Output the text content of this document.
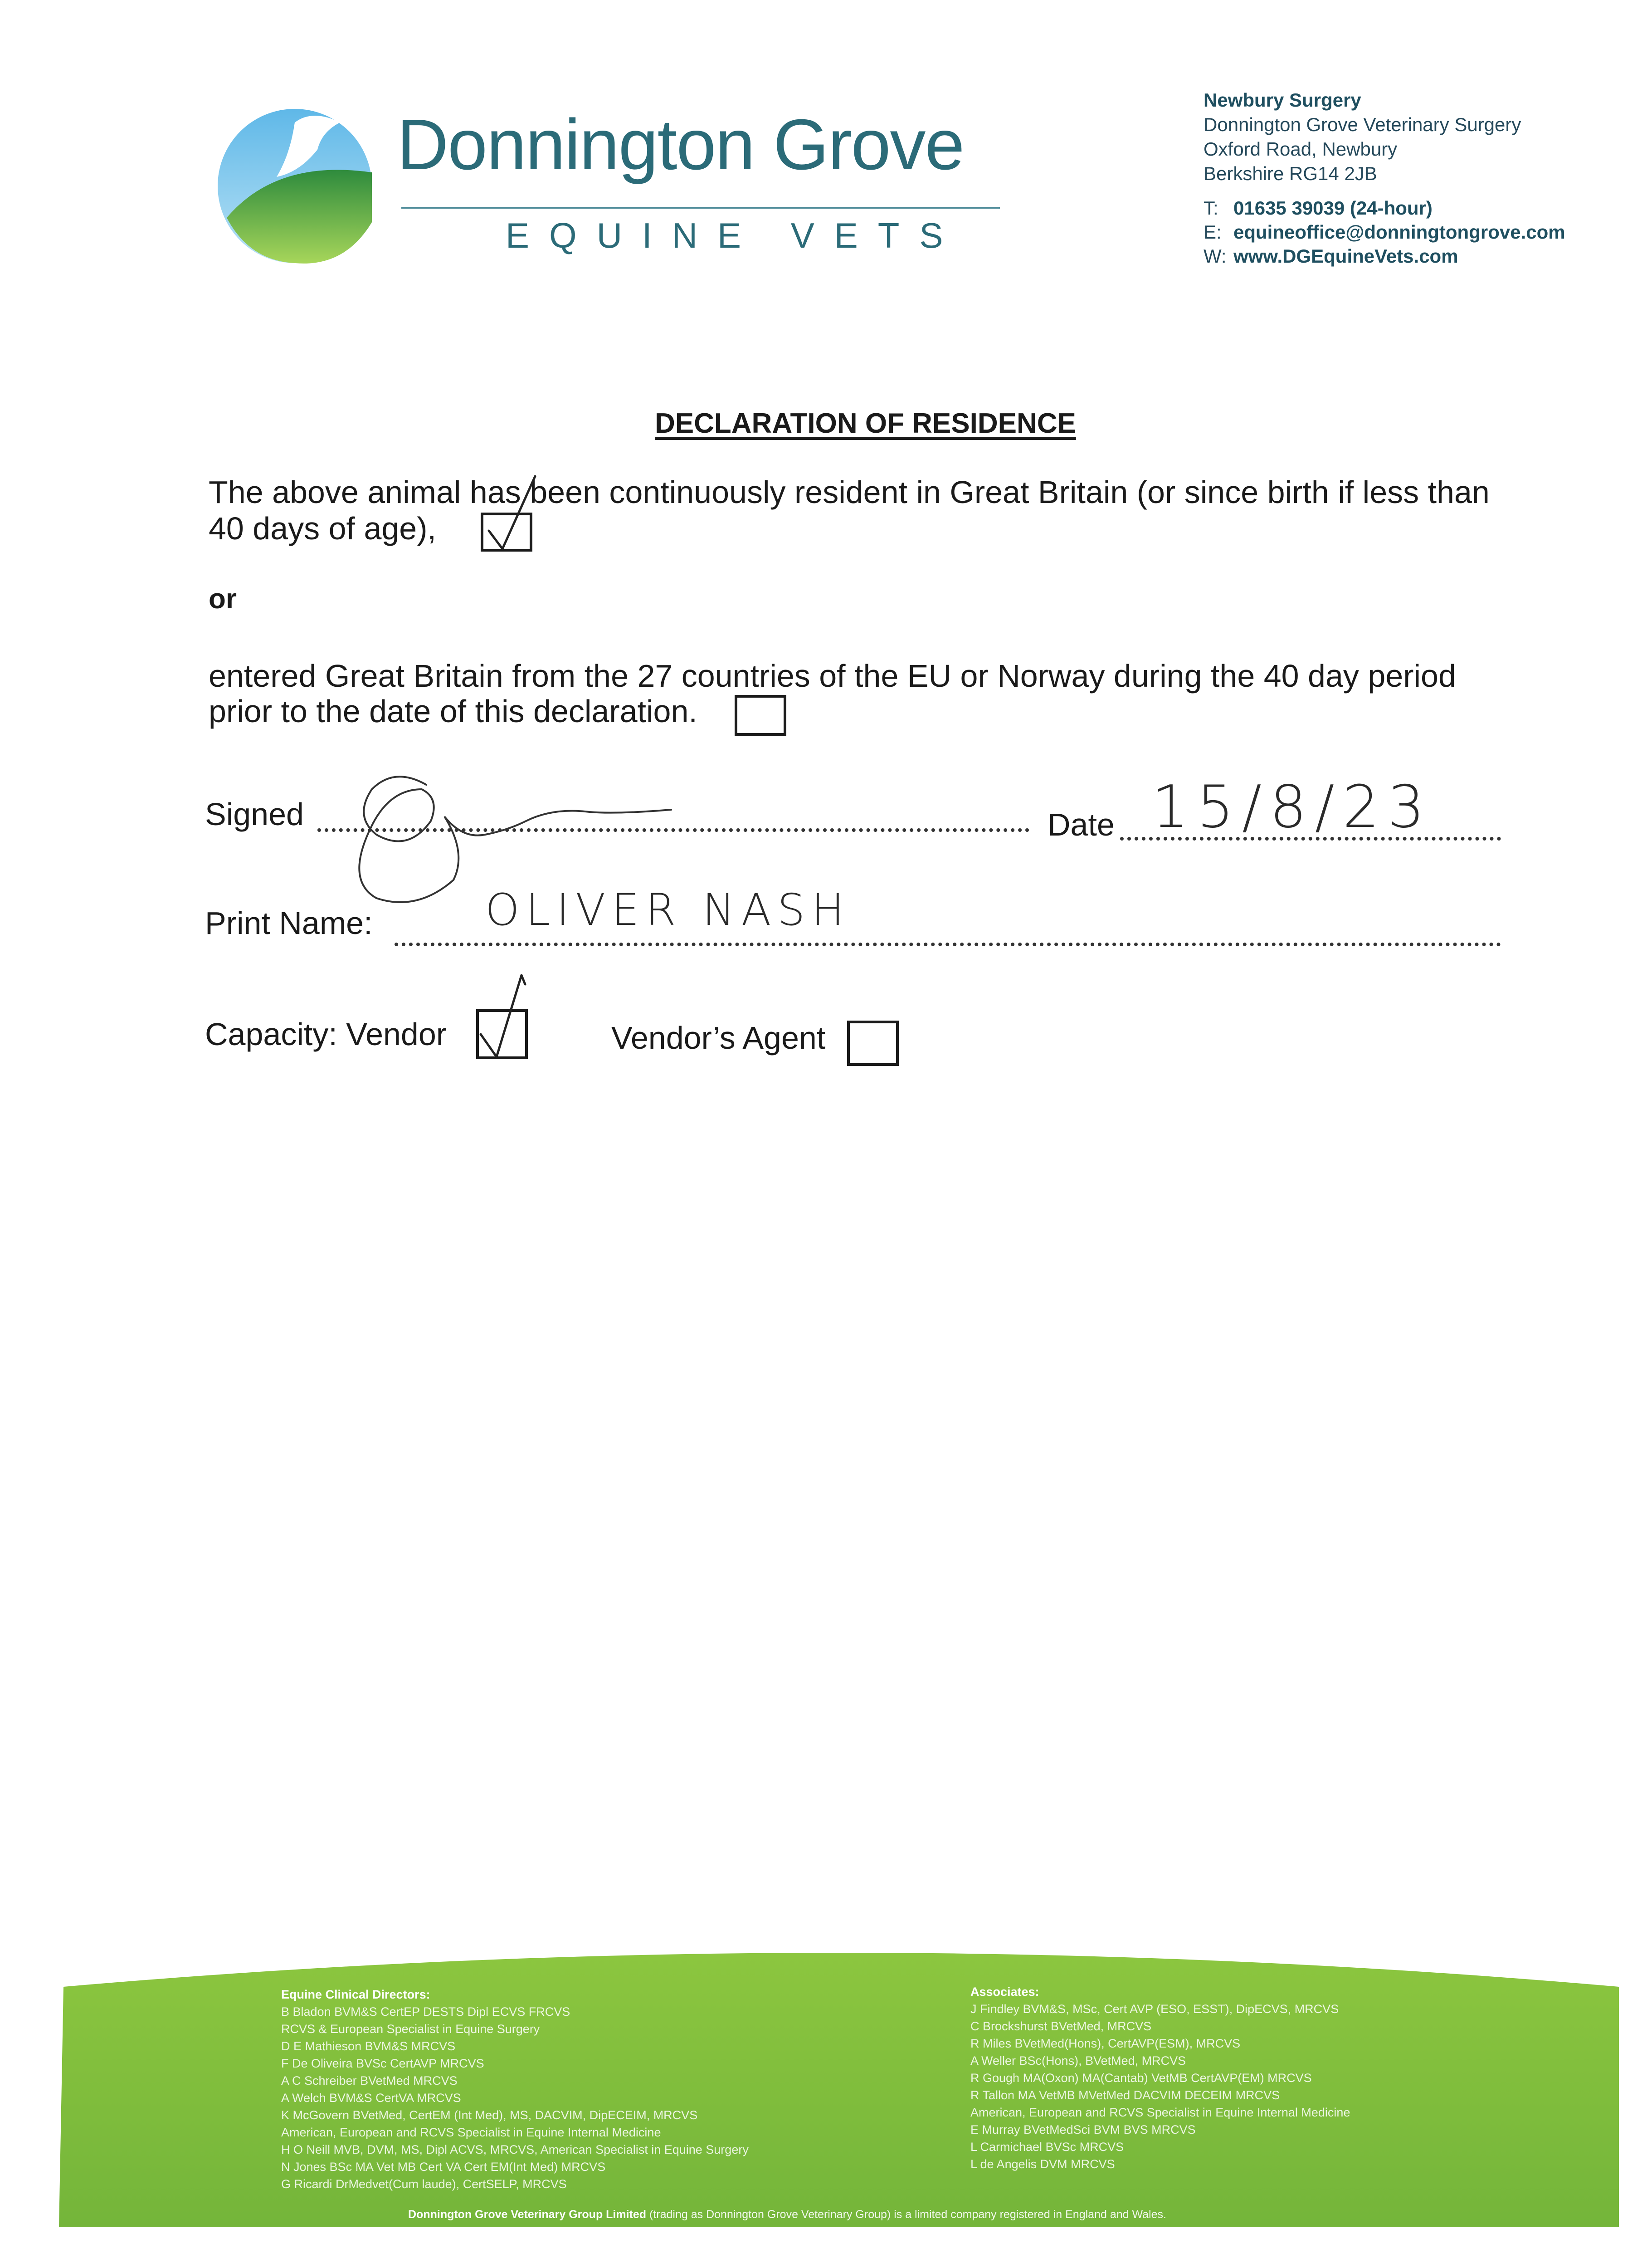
Donnington Grove
EQUINE VETS
Newbury Surgery
Donnington Grove Veterinary Surgery
Oxford Road, Newbury
Berkshire RG14 2JB
T: 01635 39039 (24-hour)
E: equineoffice@donningtongrove.com
W: www.DGEquineVets.com
DECLARATION OF RESIDENCE
The above animal has been continuously resident in Great Britain (or since birth if less than
40 days of age),
or
entered Great Britain from the 27 countries of the EU or Norway during the 40 day period
prior to the date of this declaration.
Signed	Date 15/8/23
Print Name:	OLIVER NASH
Capacity: Vendor	Vendor’s Agent
Equine Clinical Directors:
B Bladon BVM&S CertEP DESTS Dipl ECVS FRCVS
RCVS & European Specialist in Equine Surgery
D E Mathieson BVM&S MRCVS
F De Oliveira BVSc CertAVP MRCVS
A C Schreiber BVetMed MRCVS
A Welch BVM&S CertVA MRCVS
K McGovern BVetMed, CertEM (Int Med), MS, DACVIM, DipECEIM, MRCVS
American, European and RCVS Specialist in Equine Internal Medicine
H O Neill MVB, DVM, MS, Dipl ACVS, MRCVS, American Specialist in Equine Surgery
N Jones BSc MA Vet MB Cert VA Cert EM(Int Med) MRCVS
G Ricardi DrMedvet(Cum laude), CertSELP, MRCVS
Associates:
J Findley BVM&S, MSc, Cert AVP (ESO, ESST), DipECVS, MRCVS
C Brockshurst BVetMed, MRCVS
R Miles BVetMed(Hons), CertAVP(ESM), MRCVS
A Weller BSc(Hons), BVetMed, MRCVS
R Gough MA(Oxon) MA(Cantab) VetMB CertAVP(EM) MRCVS
R Tallon MA VetMB MVetMed DACVIM DECEIM MRCVS
American, European and RCVS Specialist in Equine Internal Medicine
E Murray BVetMedSci BVM BVS MRCVS
L Carmichael BVSc MRCVS
L de Angelis DVM MRCVS
Donnington Grove Veterinary Group Limited (trading as Donnington Grove Veterinary Group) is a limited company registered in England and Wales.
